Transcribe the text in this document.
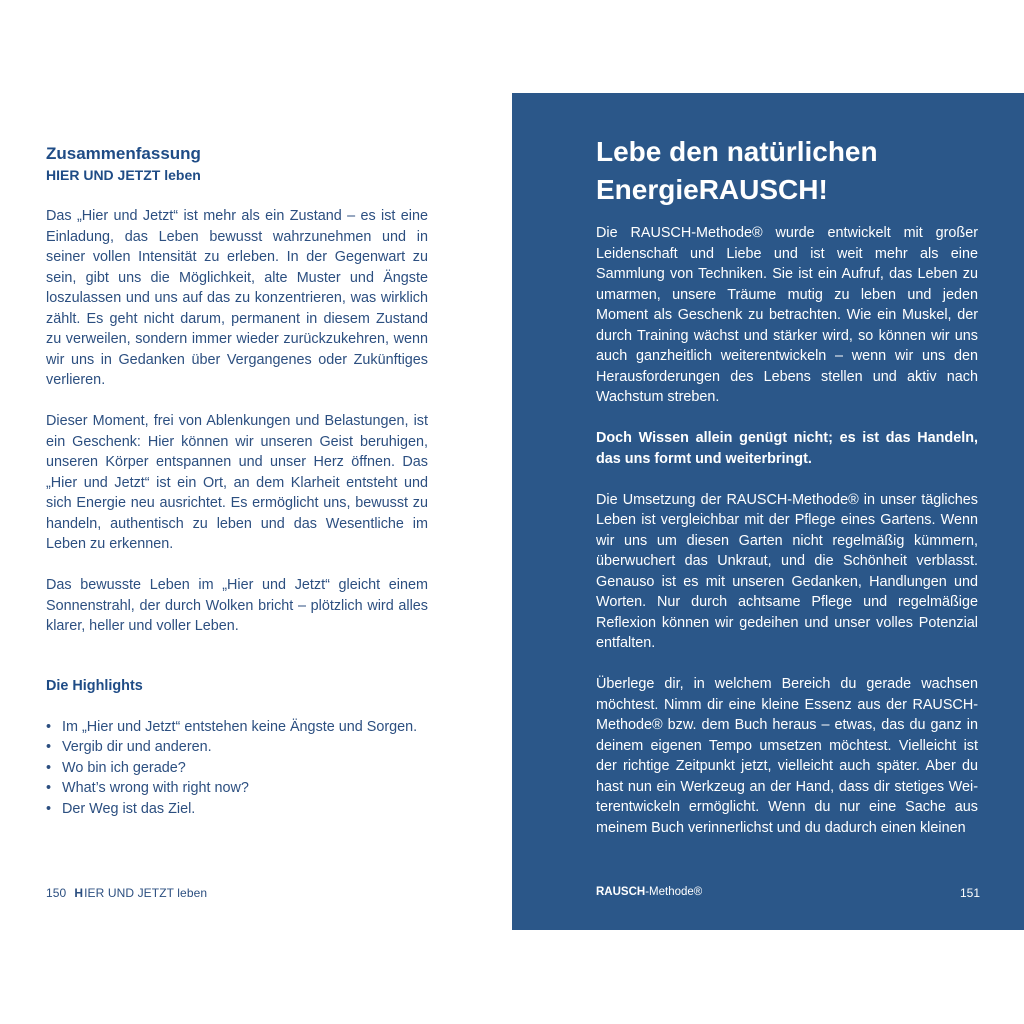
Zusammenfassung
HIER UND JETZT leben

Das „Hier und Jetzt“ ist mehr als ein Zustand – es ist eine Einladung, das Leben bewusst wahrzunehmen und in seiner vollen Intensität zu erleben. In der Gegenwart zu sein, gibt uns die Möglichkeit, alte Muster und Ängste loszulassen und uns auf das zu konzentrieren, was wirklich zählt. Es geht nicht darum, permanent in diesem Zustand zu verweilen, sondern immer wieder zurückzukehren, wenn wir uns in Gedanken über Vergangenes oder Zukünftiges verlieren.

Dieser Moment, frei von Ablenkungen und Belastungen, ist ein Geschenk: Hier können wir unseren Geist beruhigen, unseren Körper entspannen und unser Herz öffnen. Das „Hier und Jetzt“ ist ein Ort, an dem Klarheit entsteht und sich Energie neu ausrichtet. Es ermöglicht uns, bewusst zu handeln, authentisch zu leben und das Wesentliche im Leben zu erkennen.

Das bewusste Leben im „Hier und Jetzt“ gleicht einem Sonnenstrahl, der durch Wolken bricht – plötzlich wird alles klarer, heller und voller Leben.

Die Highlights
• Im „Hier und Jetzt“ entstehen keine Ängste und Sorgen.
• Vergib dir und anderen.
• Wo bin ich gerade?
• What’s wrong with right now?
• Der Weg ist das Ziel.
150 HIER UND JETZT leben
Lebe den natürlichen
EnergieRAUSCH!

Die RAUSCH-Methode® wurde entwickelt mit großer Leidenschaft und Liebe und ist weit mehr als eine Sammlung von Techniken. Sie ist ein Aufruf, das Leben zu umarmen, unsere Träume mutig zu leben und jeden Moment als Geschenk zu betrachten. Wie ein Muskel, der durch Training wächst und stärker wird, so können wir uns auch ganzheitlich weiterentwickeln – wenn wir uns den Herausforderungen des Lebens stellen und aktiv nach Wachstum streben.

Doch Wissen allein genügt nicht; es ist das Handeln, das uns formt und weiterbringt.

Die Umsetzung der RAUSCH-Methode® in unser tägliches Leben ist vergleichbar mit der Pflege eines Gartens. Wenn wir uns um diesen Garten nicht regelmäßig kümmern, überwuchert das Unkraut, und die Schönheit verblasst. Genauso ist es mit unseren Gedanken, Handlungen und Worten. Nur durch achtsame Pflege und regelmäßige Reflexion können wir gedeihen und unser volles Potenzial entfalten.

Überlege dir, in welchem Bereich du gerade wachsen möchtest. Nimm dir eine kleine Essenz aus der RAUSCH-Methode® bzw. dem Buch heraus – etwas, das du ganz in deinem eigenen Tempo umsetzen möchtest. Vielleicht ist der richtige Zeitpunkt jetzt, vielleicht auch später. Aber du hast nun ein Werkzeug an der Hand, dass dir stetiges Weiterentwickeln ermöglicht. Wenn du nur eine Sache aus meinem Buch verinnerlichst und du dadurch einen kleinen

RAUSCH-Methode®	151
